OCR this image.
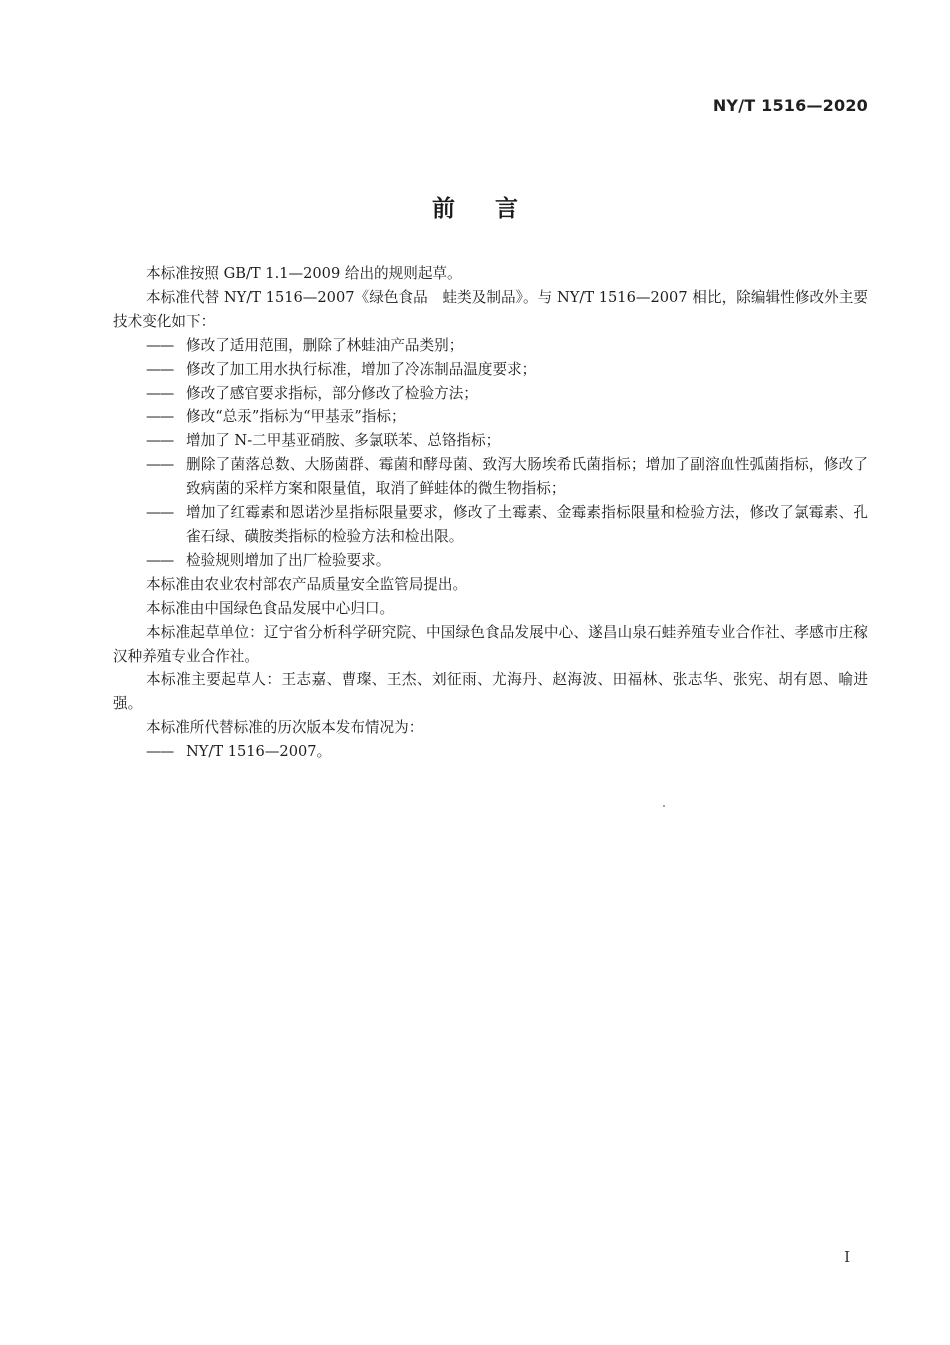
NY/T 1516—2020
前言

本标准按照 GB/T 1.1—2009 给出的规则起草。

本标准代替 NY/T 1516—2007《绿色食品　蛙类及制品》。与 NY/T 1516—2007 相比，除编辑性修改外主要技术变化如下：

—— 修改了适用范围，删除了林蛙油产品类别；
—— 修改了加工用水执行标准，增加了冷冻制品温度要求；
—— 修改了感官要求指标，部分修改了检验方法；
—— 修改“总汞”指标为“甲基汞”指标；
—— 增加了 N-二甲基亚硝胺、多氯联苯、总铬指标；
—— 删除了菌落总数、大肠菌群、霉菌和酵母菌、致泻大肠埃希氏菌指标；增加了副溶血性弧菌指标，修改了致病菌的采样方案和限量值，取消了鲜蛙体的微生物指标；
—— 增加了红霉素和恩诺沙星指标限量要求，修改了土霉素、金霉素指标限量和检验方法，修改了氯霉素、孔雀石绿、磺胺类指标的检验方法和检出限。
—— 检验规则增加了出厂检验要求。

本标准由农业农村部农产品质量安全监管局提出。

本标准由中国绿色食品发展中心归口。

本标准起草单位：辽宁省分析科学研究院、中国绿色食品发展中心、遂昌山泉石蛙养殖专业合作社、孝感市庄稼汉种养殖专业合作社。

本标准主要起草人：王志嘉、曹璨、王杰、刘征雨、尤海丹、赵海波、田福林、张志华、张宪、胡有恩、喻进强。

本标准所代替标准的历次版本发布情况为：

—— NY/T 1516—2007。
I
